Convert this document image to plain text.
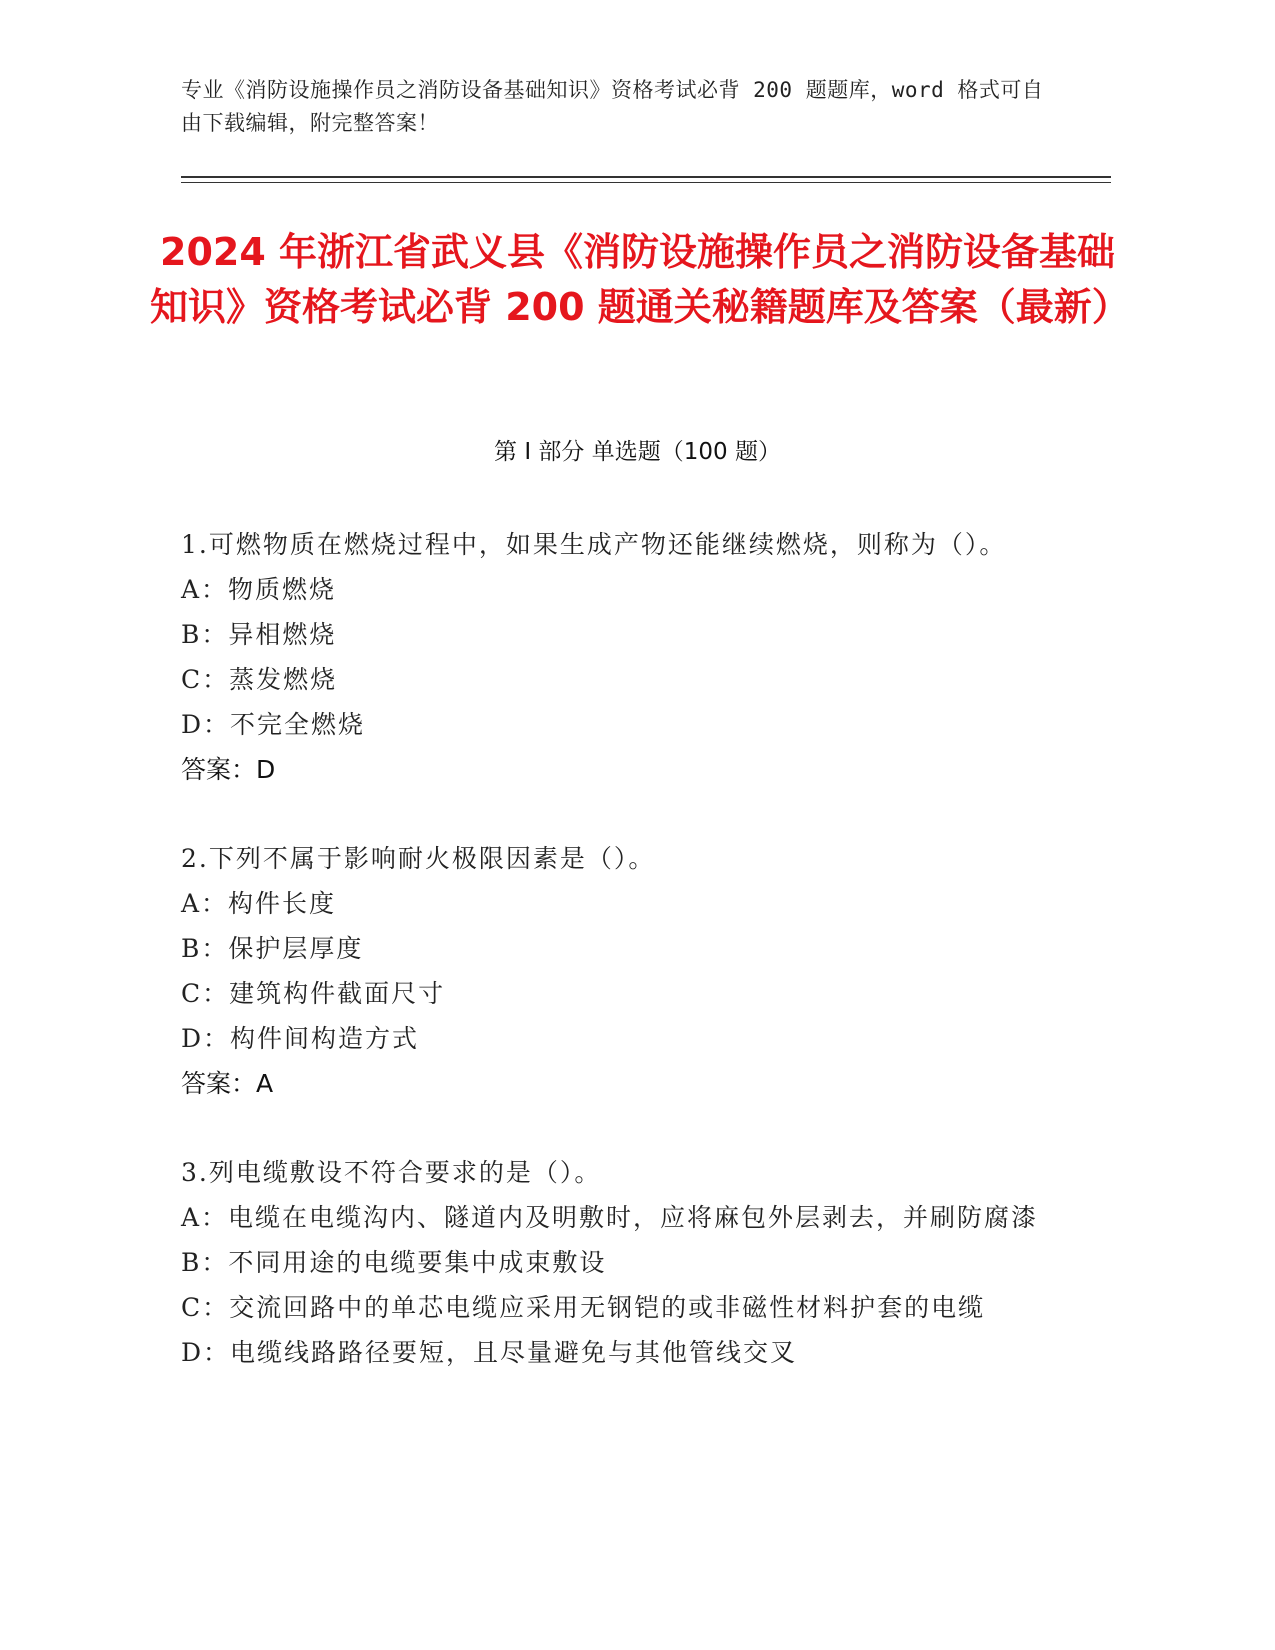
专业《消防设施操作员之消防设备基础知识》资格考试必背 200 题题库，word 格式可自由下载编辑，附完整答案！
2024 年浙江省武义县《消防设施操作员之消防设备基础知识》资格考试必背 200 题通关秘籍题库及答案（最新）
第 I 部分 单选题（100 题）
1.可燃物质在燃烧过程中，如果生成产物还能继续燃烧，则称为（）。
A：物质燃烧
B：异相燃烧
C：蒸发燃烧
D：不完全燃烧
答案：D
2.下列不属于影响耐火极限因素是（）。
A：构件长度
B：保护层厚度
C：建筑构件截面尺寸
D：构件间构造方式
答案：A
3.列电缆敷设不符合要求的是（）。
A：电缆在电缆沟内、隧道内及明敷时，应将麻包外层剥去，并刷防腐漆
B：不同用途的电缆要集中成束敷设
C：交流回路中的单芯电缆应采用无钢铠的或非磁性材料护套的电缆
D：电缆线路路径要短，且尽量避免与其他管线交叉
